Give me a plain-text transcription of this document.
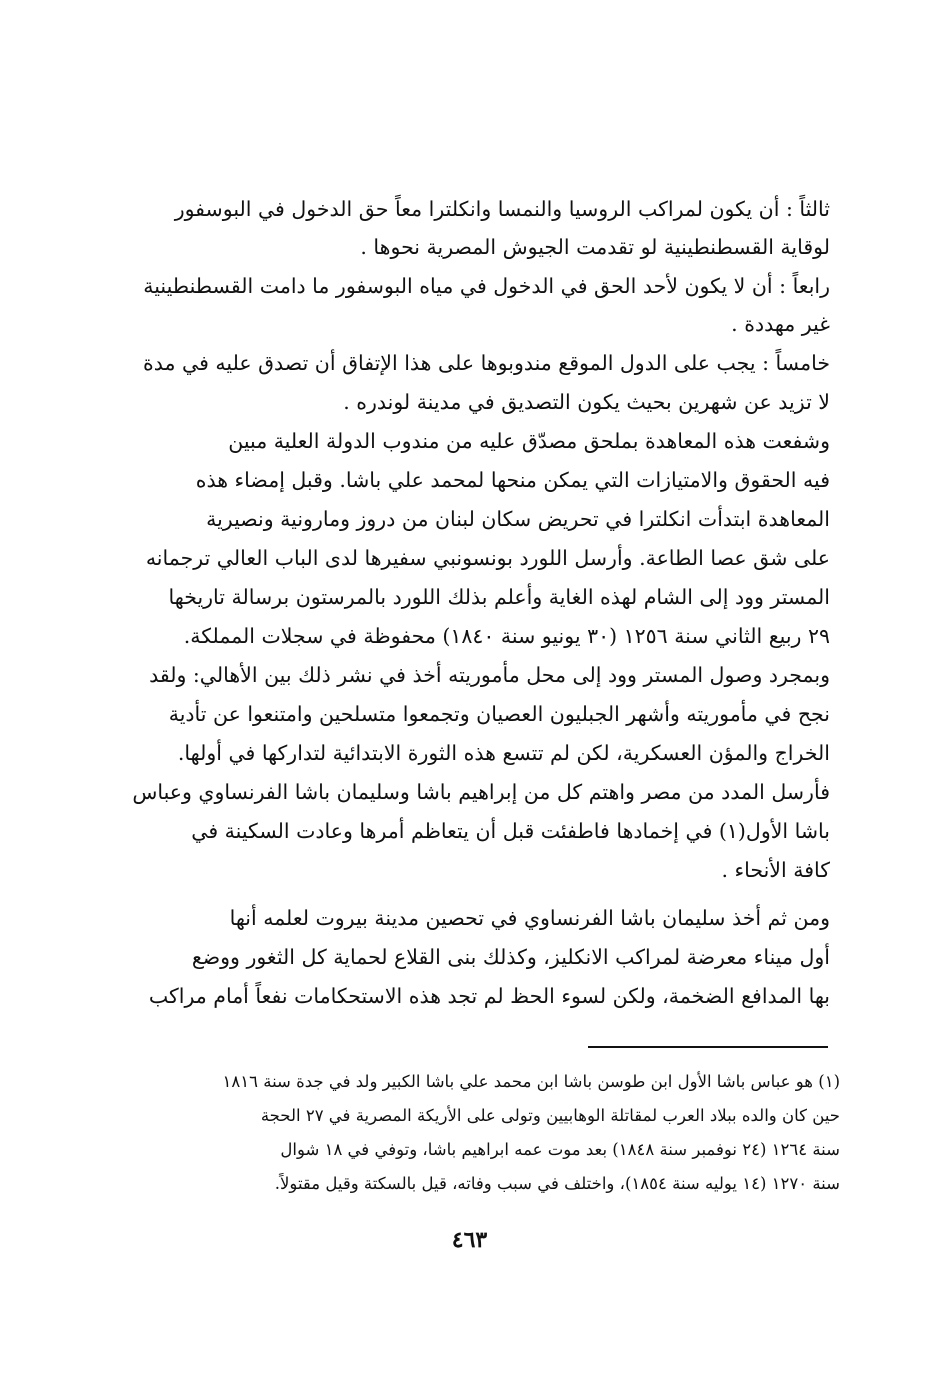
ثالثاً : أن يكون لمراكب الروسيا والنمسا وانكلترا معاً حق الدخول في البوسفور
لوقاية القسطنطينية لو تقدمت الجيوش المصرية نحوها .
رابعاً : أن لا يكون لأحد الحق في الدخول في مياه البوسفور ما دامت القسطنطينية
غير مهددة .
خامساً : يجب على الدول الموقع مندوبوها على هذا الإتفاق أن تصدق عليه في مدة
لا تزيد عن شهرين بحيث يكون التصديق في مدينة لوندره .
وشفعت هذه المعاهدة بملحق مصدّق عليه من مندوب الدولة العلية مبين
فيه الحقوق والامتيازات التي يمكن منحها لمحمد علي باشا. وقبل إمضاء هذه
المعاهدة ابتدأت انكلترا في تحريض سكان لبنان من دروز ومارونية ونصيرية
على شق عصا الطاعة. وأرسل اللورد بونسونبي سفيرها لدى الباب العالي ترجمانه
المستر وود إلى الشام لهذه الغاية وأعلم بذلك اللورد بالمرستون برسالة تاريخها
٢٩ ربيع الثاني سنة ١٢٥٦ (٣٠ يونيو سنة ١٨٤٠) محفوظة في سجلات المملكة.
وبمجرد وصول المستر وود إلى محل مأموريته أخذ في نشر ذلك بين الأهالي: ولقد
نجح في مأموريته وأشهر الجبليون العصيان وتجمعوا متسلحين وامتنعوا عن تأدية
الخراج والمؤن العسكرية، لكن لم تتسع هذه الثورة الابتدائية لتداركها في أولها.
فأرسل المدد من مصر واهتم كل من إبراهيم باشا وسليمان باشا الفرنساوي وعباس
باشا الأول(١) في إخمادها فاطفئت قبل أن يتعاظم أمرها وعادت السكينة في
كافة الأنحاء .
ومن ثم أخذ سليمان باشا الفرنساوي في تحصين مدينة بيروت لعلمه أنها
أول ميناء معرضة لمراكب الانكليز، وكذلك بنى القلاع لحماية كل الثغور ووضع
بها المدافع الضخمة، ولكن لسوء الحظ لم تجد هذه الاستحكامات نفعاً أمام مراكب
(١) هو عباس باشا الأول ابن طوسن باشا ابن محمد علي باشا الكبير ولد في جدة سنة ١٨١٦
حين كان والده ببلاد العرب لمقاتلة الوهابيين وتولى على الأريكة المصرية في ٢٧ الحجة
سنة ١٢٦٤ (٢٤ نوفمبر سنة ١٨٤٨) بعد موت عمه ابراهيم باشا، وتوفي في ١٨ شوال
سنة ١٢٧٠ (١٤ يوليه سنة ١٨٥٤)، واختلف في سبب وفاته، قيل بالسكتة وقيل مقتولاً.
٤٦٣
